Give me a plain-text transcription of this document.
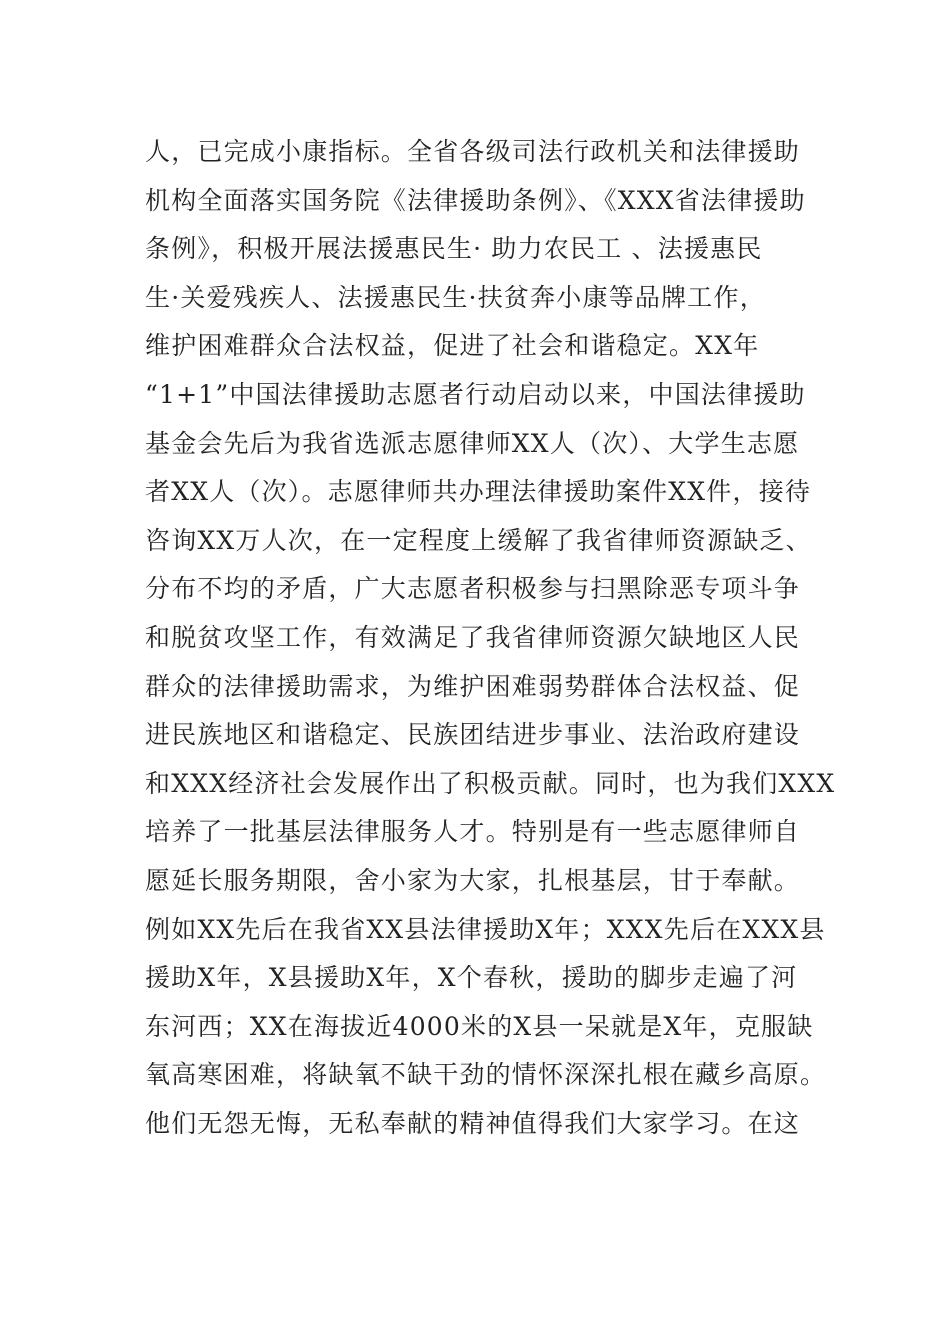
人，已完成小康指标。全省各级司法行政机关和法律援助
机构全面落实国务院《法律援助条例》、《XXX省法律援助
条例》，积极开展法援惠民生· 助力农民工 、法援惠民
生·关爱残疾人、法援惠民生·扶贫奔小康等品牌工作，
维护困难群众合法权益，促进了社会和谐稳定。XX年
“1+1”中国法律援助志愿者行动启动以来，中国法律援助
基金会先后为我省选派志愿律师XX人（次）、大学生志愿
者XX人（次）。志愿律师共办理法律援助案件XX件，接待
咨询XX万人次，在一定程度上缓解了我省律师资源缺乏、
分布不均的矛盾，广大志愿者积极参与扫黑除恶专项斗争
和脱贫攻坚工作，有效满足了我省律师资源欠缺地区人民
群众的法律援助需求，为维护困难弱势群体合法权益、促
进民族地区和谐稳定、民族团结进步事业、法治政府建设
和XXX经济社会发展作出了积极贡献。同时，也为我们XXX
培养了一批基层法律服务人才。特别是有一些志愿律师自
愿延长服务期限，舍小家为大家，扎根基层，甘于奉献。
例如XX先后在我省XX县法律援助X年；XXX先后在XXX县
援助X年，X县援助X年，X个春秋，援助的脚步走遍了河
东河西；XX在海拔近4000米的X县一呆就是X年，克服缺
氧高寒困难，将缺氧不缺干劲的情怀深深扎根在藏乡高原。
他们无怨无悔，无私奉献的精神值得我们大家学习。在这
